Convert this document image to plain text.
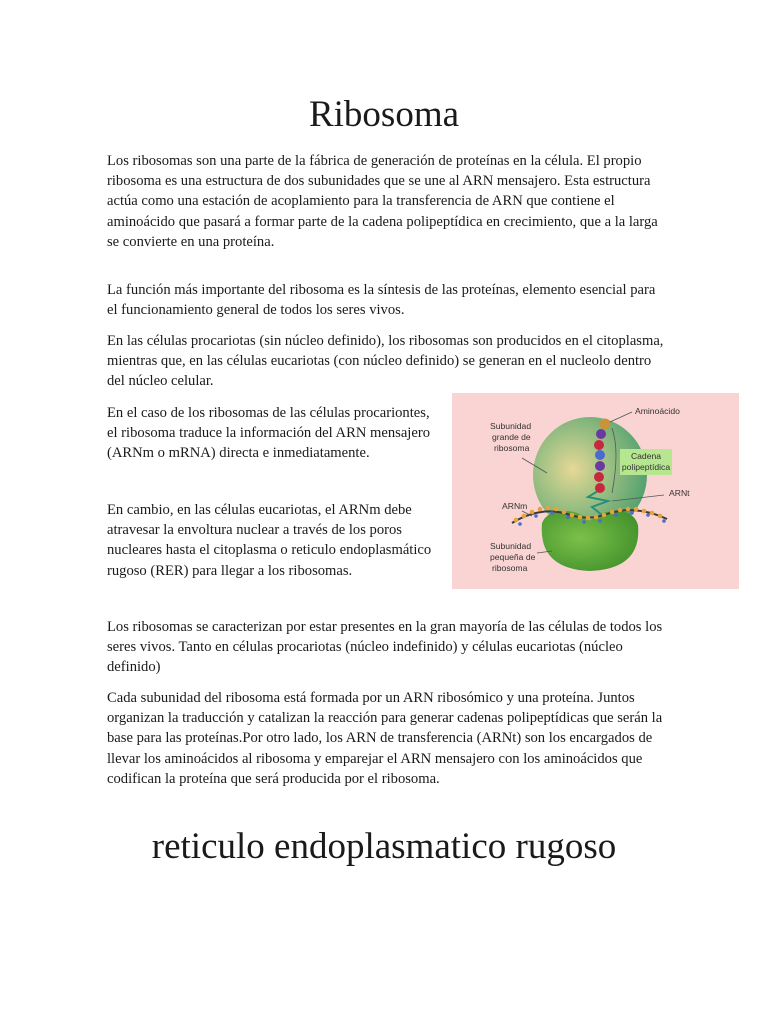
Ribosoma

Los ribosomas son una parte de la fábrica de generación de proteínas en la célula. El propio ribosoma es una estructura de dos subunidades que se une al ARN mensajero. Esta estructura actúa como una estación de acoplamiento para la transferencia de ARN que contiene el aminoácido que pasará a formar parte de la cadena polipeptídica en crecimiento, que a la larga se convierte en una proteína.

La función más importante del ribosoma es la síntesis de las proteínas, elemento esencial para el funcionamiento general de todos los seres vivos.

En las células procariotas (sin núcleo definido), los ribosomas son producidos en el citoplasma, mientras que, en las células eucariotas (con núcleo definido) se generan en el nucleolo dentro del núcleo celular.

En el caso de los ribosomas de las células procariontes, el ribosoma traduce la información del ARN mensajero (ARNm o mRNA) directa e inmediatamente.

En cambio, en las células eucariotas, el ARNm debe atravesar la envoltura nuclear a través de los poros nucleares hasta el citoplasma o reticulo endoplasmático rugoso (RER) para llegar a los ribosomas.

Los ribosomas se caracterizan por estar presentes en la gran mayoría de las células de todos los seres vivos. Tanto en células procariotas (núcleo indefinido) y células eucariotas (núcleo definido)

Cada subunidad del ribosoma está formada por un ARN ribosómico y una proteína. Juntos organizan la traducción y catalizan la reacción para generar cadenas polipeptídicas que serán la base para las proteínas.Por otro lado, los ARN de transferencia (ARNt) son los encargados de llevar los aminoácidos al ribosoma y emparejar el ARN mensajero con los aminoácidos que codifican la proteína que será producida por el ribosoma.

Cadena
polipeptídica
Aminoácido
Subunidad
grande de
ribosoma
ARNt
ARNm
Subunidad
pequeña de
ribosoma
reticulo endoplasmatico rugoso
